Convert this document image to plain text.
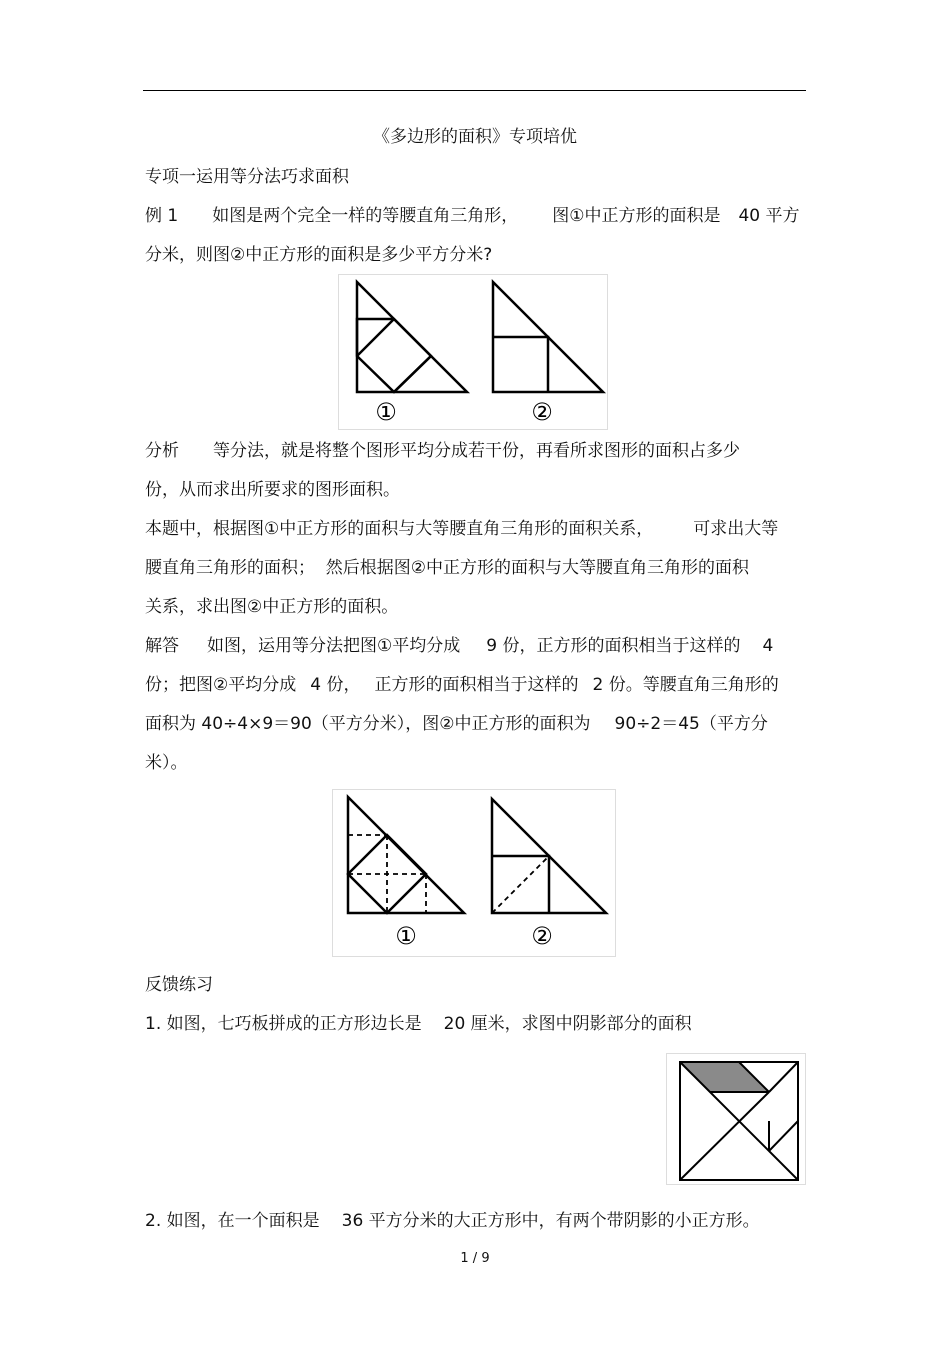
《多边形的面积》专项培优
专项一运用等分法巧求面积
例 1 如图是两个完全一样的等腰直角三角形， 图①中正方形的面积是 40 平方
分米，则图②中正方形的面积是多少平方分米?
①	②
分析 等分法，就是将整个图形平均分成若干份，再看所求图形的面积占多少
份，从而求出所要求的图形面积。
本题中，根据图①中正方形的面积与大等腰直角三角形的面积关系， 可求出大等
腰直角三角形的面积；  然后根据图②中正方形的面积与大等腰直角三角形的面积
关系，求出图②中正方形的面积。
解答 如图，运用等分法把图①平均分成 9 份，正方形的面积相当于这样的 4
份；把图②平均分成 4 份， 正方形的面积相当于这样的 2 份。等腰直角三角形的
面积为 40÷4×9＝90（平方分米），图②中正方形的面积为 90÷2＝45（平方分
米）。
①	②
反馈练习
1. 如图，七巧板拼成的正方形边长是 20 厘米，求图中阴影部分的面积
2. 如图，在一个面积是 36 平方分米的大正方形中，有两个带阴影的小正方形。
1 / 9
